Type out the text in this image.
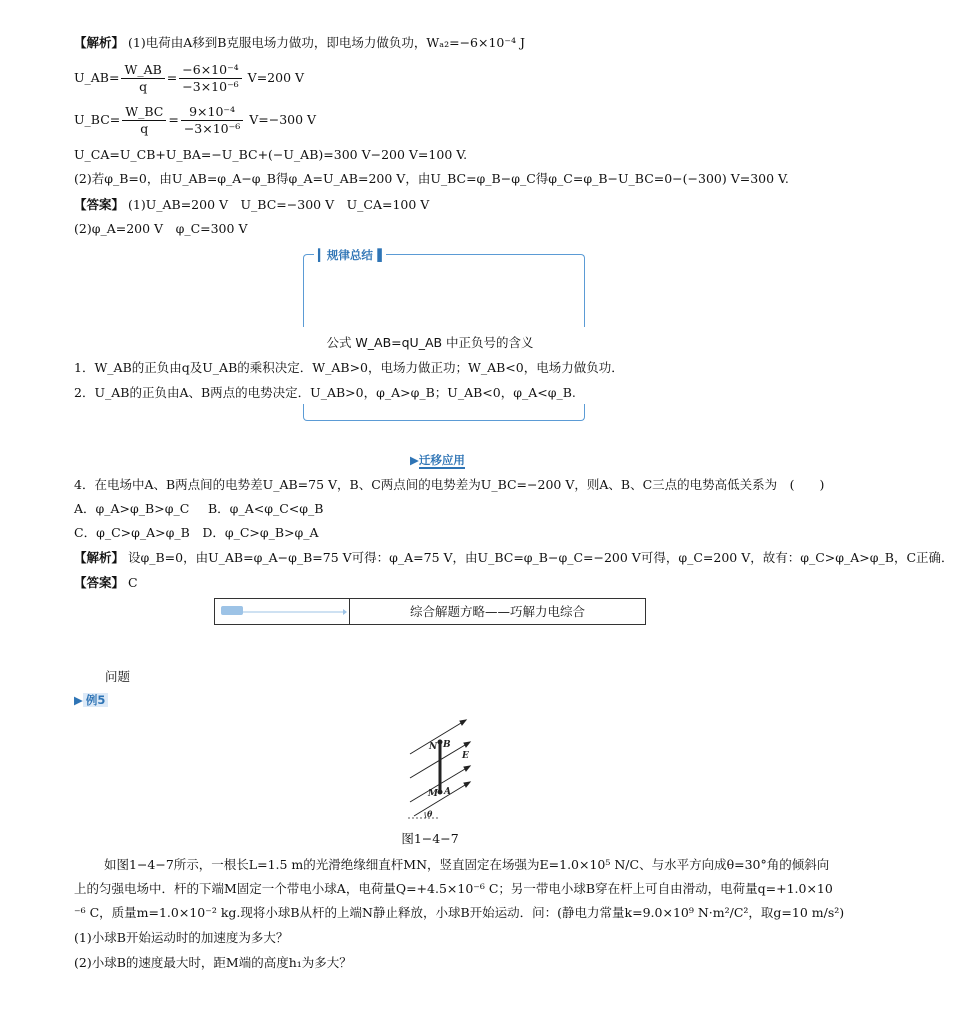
【解析】 (1)电荷由A移到B克服电场力做功，即电场力做负功，Wₐ₂=−6×10⁻⁴ J
U_AB= $\frac{W\_AB}{q} = \frac{\text{−6×10⁻⁴}}{\text{−3×10⁻⁶}} V=200$ V
U_BC= $\frac{W\_BC}{q} = \frac{\text{9×10⁻⁴}}{\text{−3×10⁻⁶}} V=-300$ V
U_CA=U_CB+U_BA=−U_BC+(−U_AB)=300 V−200 V=100 V.
(2)若φ_B=0，由U_AB=φ_A−φ_B得φ_A=U_AB=200 V，由U_BC=φ_B−φ_C得φ_C=φ_B−U_BC=0−(−300) V=300 V.
【答案】 (1)U_AB=200 V　U_BC=−300 V　U_CA=100 V
(2)φ_A=200 V　φ_C=300 V
▎规律总结▐
公式 W_AB=qU_AB 中正负号的含义
1．W_AB的正负由q及U_AB的乘积决定．W_AB>0，电场力做正功；W_AB<0，电场力做负功．
2．U_AB的正负由A、B两点的电势决定．U_AB>0，φ_A>φ_B；U_AB<0，φ_A<φ_B.
▶迁移应用
4．在电场中A、B两点间的电势差U_AB=75 V，B、C两点间的电势差为U_BC=−200 V，则A、B、C三点的电势高低关系为　(　　)
A．φ_A>φ_B>φ_C B．φ_A<φ_C<φ_B
C．φ_C>φ_A>φ_B　 D．φ_C>φ_B>φ_A
【解析】 设φ_B=0，由U_AB=φ_A−φ_B=75 V可得：φ_A=75 V，由U_BC=φ_B−φ_C=−200 V可得，φ_C=200 V，故有：φ_C>φ_A>φ_B，C正确．
【答案】 C
综合解题方略——巧解力电综合
问题
▶ 例5
N B
E
M A
θ
图1−4−7
如图1−4−7所示，一根长L=1.5 m的光滑绝缘细直杆MN，竖直固定在场强为E=1.0×10⁵ N/C、与水平方向成θ=30°角的倾斜向
上的匀强电场中．杆的下端M固定一个带电小球A，电荷量Q=+4.5×10⁻⁶ C；另一带电小球B穿在杆上可自由滑动，电荷量q=+1.0×10
⁻⁶ C，质量m=1.0×10⁻² kg.现将小球B从杆的上端N静止释放，小球B开始运动．问：(静电力常量k=9.0×10⁹ N·m²/C²，取g=10 m/s²)
(1)小球B开始运动时的加速度为多大？
(2)小球B的速度最大时，距M端的高度h₁为多大？
